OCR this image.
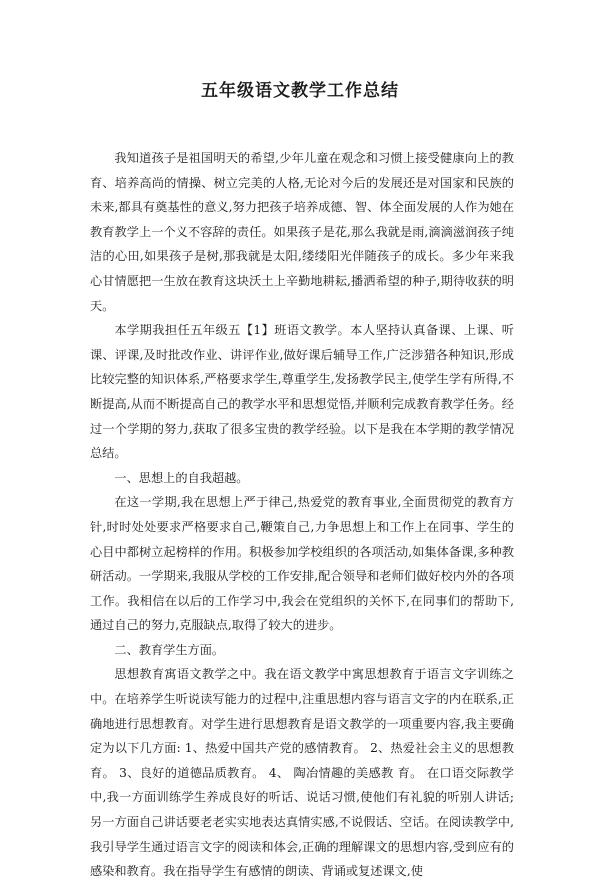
五年级语文教学工作总结

我知道孩子是祖国明天的希望,少年儿童在观念和习惯上接受健康向上的教育、培养高尚的情操、树立完美的人格,无论对今后的发展还是对国家和民族的未来,都具有奠基性的意义,努力把孩子培养成德、智、体全面发展的人作为她在教育教学上一个义不容辞的责任。如果孩子是花,那么我就是雨,滴滴滋润孩子纯洁的心田,如果孩子是树,那我就是太阳,缕缕阳光伴随孩子的成长。多少年来我心甘情愿把一生放在教育这块沃土上辛勤地耕耘,播洒希望的种子,期待收获的明天。

本学期我担任五年级五【1】班语文教学。本人坚持认真备课、上课、听课、评课,及时批改作业、讲评作业,做好课后辅导工作,广泛涉猎各种知识,形成比较完整的知识体系,严格要求学生,尊重学生,发扬教学民主,使学生学有所得,不断提高,从而不断提高自己的教学水平和思想觉悟,并顺利完成教育教学任务。经过一个学期的努力,获取了很多宝贵的教学经验。以下是我在本学期的教学情况总结。

一、思想上的自我超越。

在这一学期,我在思想上严于律己,热爱党的教育事业,全面贯彻党的教育方针,时时处处要求严格要求自己,鞭策自己,力争思想上和工作上在同事、学生的心目中都树立起榜样的作用。积极参加学校组织的各项活动,如集体备课,多种教研活动。一学期来,我服从学校的工作安排,配合领导和老师们做好校内外的各项工作。我相信在以后的工作学习中,我会在党组织的关怀下,在同事们的帮助下,通过自己的努力,克服缺点,取得了较大的进步。

二、教育学生方面。

思想教育寓语文教学之中。我在语文教学中寓思想教育于语言文字训练之中。在培养学生听说读写能力的过程中,注重思想内容与语言文字的内在联系,正确地进行思想教育。对学生进行思想教育是语文教学的一项重要内容,我主要确定为以下几方面: 1、热爱中国共产党的感情教育。 2、热爱社会主义的思想教育。 3、良好的道德品质教育。 4、 陶冶情趣的美感教 育。 在口语交际教学中,我一方面训练学生养成良好的听话、说话习惯,使他们有礼貌的听别人讲话;另一方面自己讲话要老老实实地表达真情实感,不说假话、空话。在阅读教学中,我引导学生通过语言文字的阅读和体会,正确的理解课文的思想内容,受到应有的感染和教育。我在指导学生有感情的朗读、背诵或复述课文,使
